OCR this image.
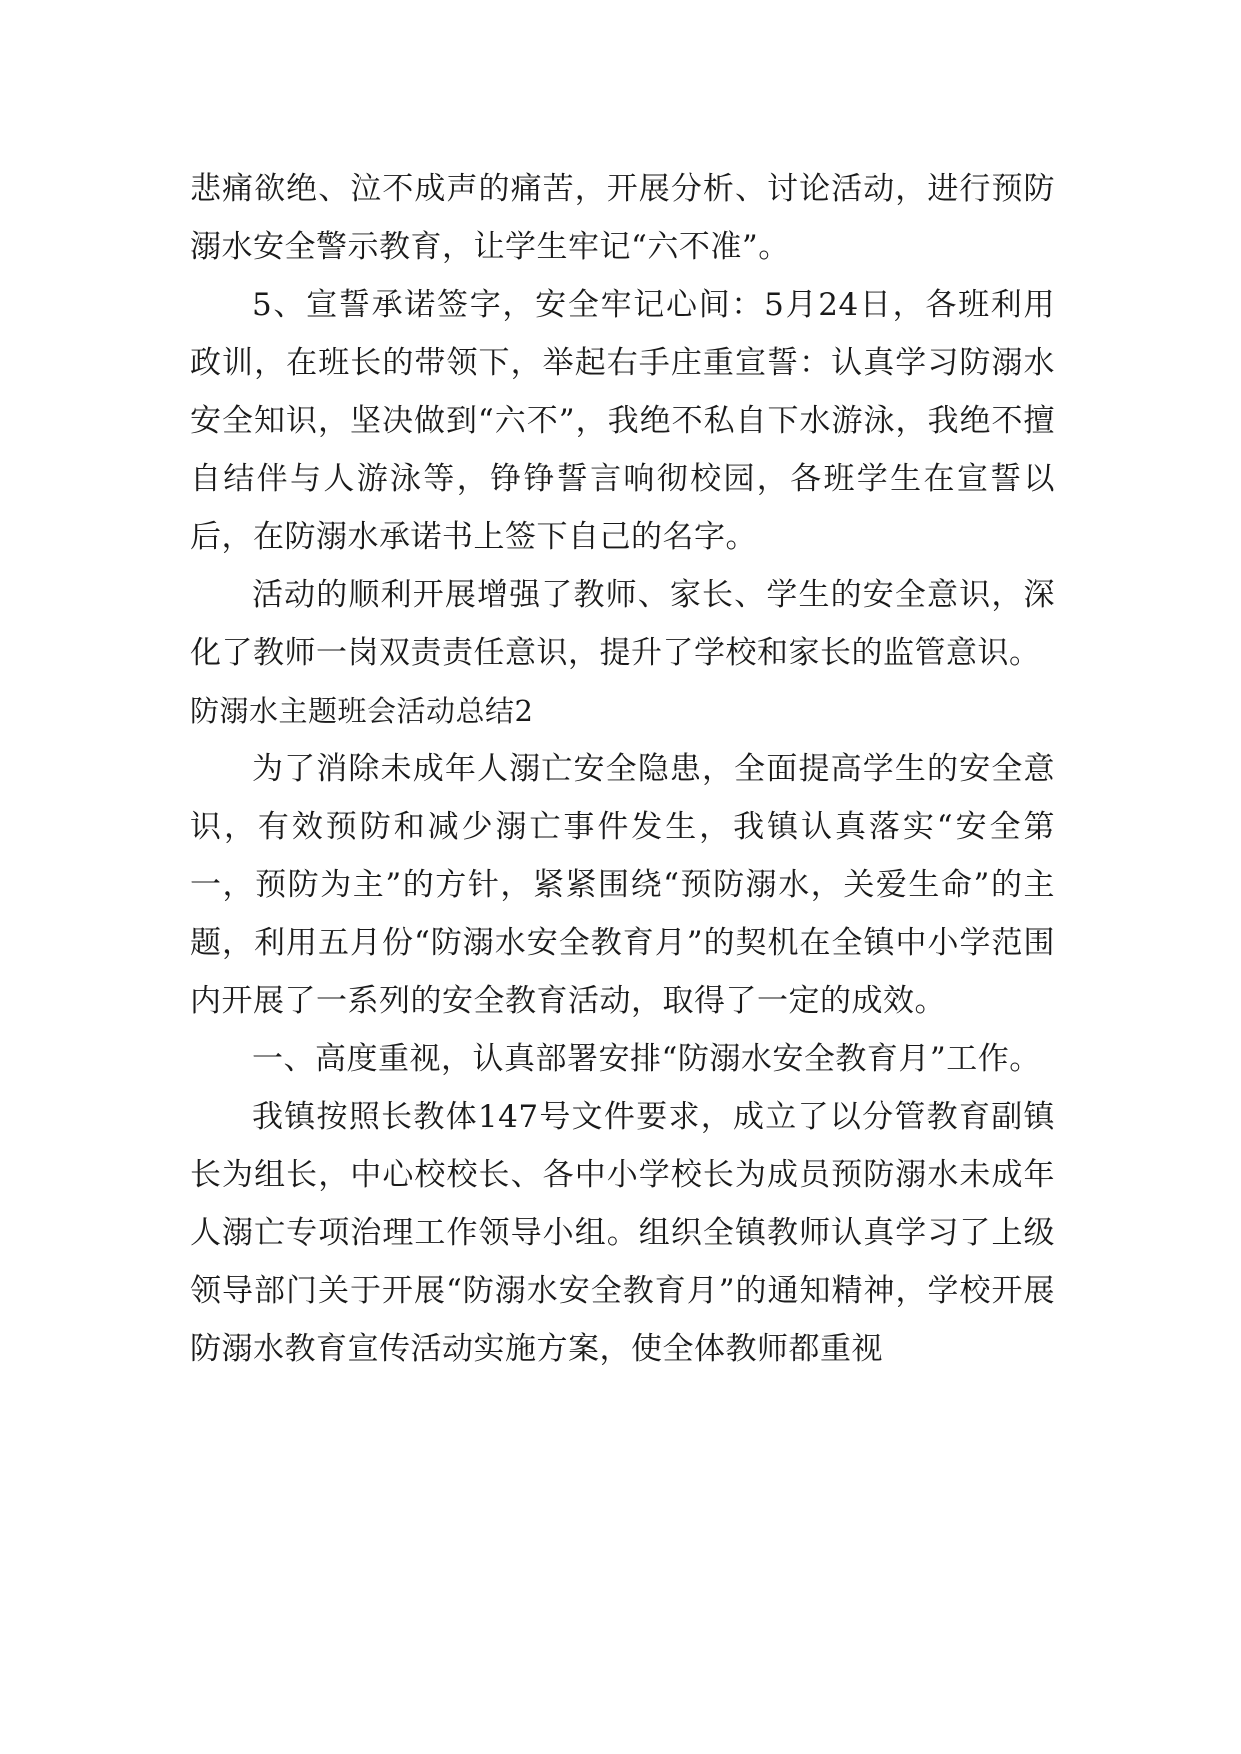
悲痛欲绝、泣不成声的痛苦，开展分析、讨论活动，进行预防溺水安全警示教育，让学生牢记“六不准”。

5、宣誓承诺签字，安全牢记心间：5月24日，各班利用政训，在班长的带领下，举起右手庄重宣誓：认真学习防溺水安全知识，坚决做到“六不”，我绝不私自下水游泳，我绝不擅自结伴与人游泳等，铮铮誓言响彻校园，各班学生在宣誓以后，在防溺水承诺书上签下自己的名字。

活动的顺利开展增强了教师、家长、学生的安全意识，深化了教师一岗双责责任意识，提升了学校和家长的监管意识。

防溺水主题班会活动总结2

为了消除未成年人溺亡安全隐患，全面提高学生的安全意识，有效预防和减少溺亡事件发生，我镇认真落实“安全第一，预防为主”的方针，紧紧围绕“预防溺水，关爱生命”的主题，利用五月份“防溺水安全教育月”的契机在全镇中小学范围内开展了一系列的安全教育活动，取得了一定的成效。

一、高度重视，认真部署安排“防溺水安全教育月”工作。

我镇按照长教体147号文件要求，成立了以分管教育副镇长为组长，中心校校长、各中小学校长为成员预防溺水未成年人溺亡专项治理工作领导小组。组织全镇教师认真学习了上级领导部门关于开展“防溺水安全教育月”的通知精神，学校开展防溺水教育宣传活动实施方案，使全体教师都重视
